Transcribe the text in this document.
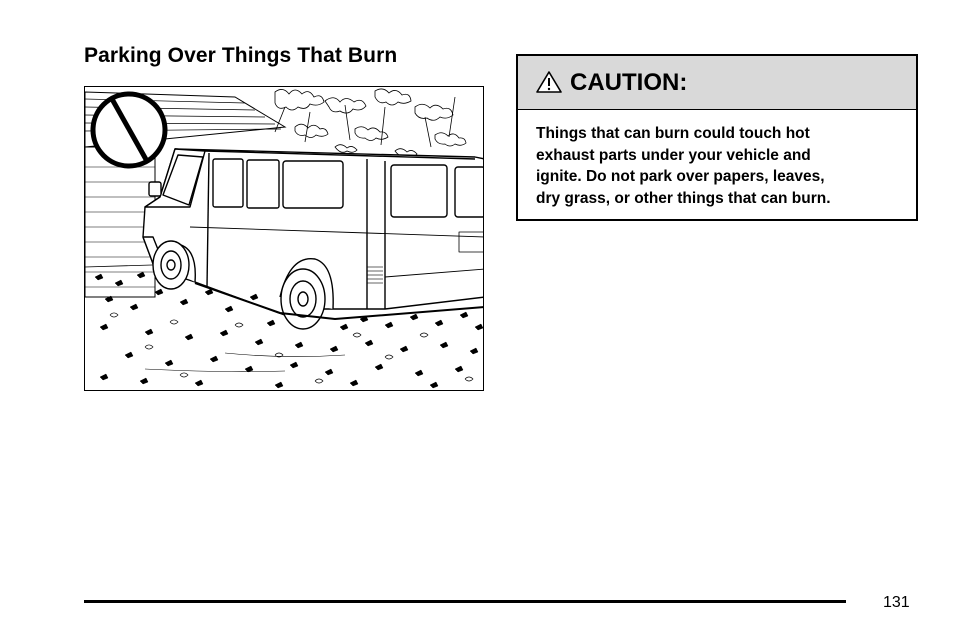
Parking Over Things That Burn
CAUTION:
Things that can burn could touch hot
exhaust parts under your vehicle and
ignite. Do not park over papers, leaves,
dry grass, or other things that can burn.
131
